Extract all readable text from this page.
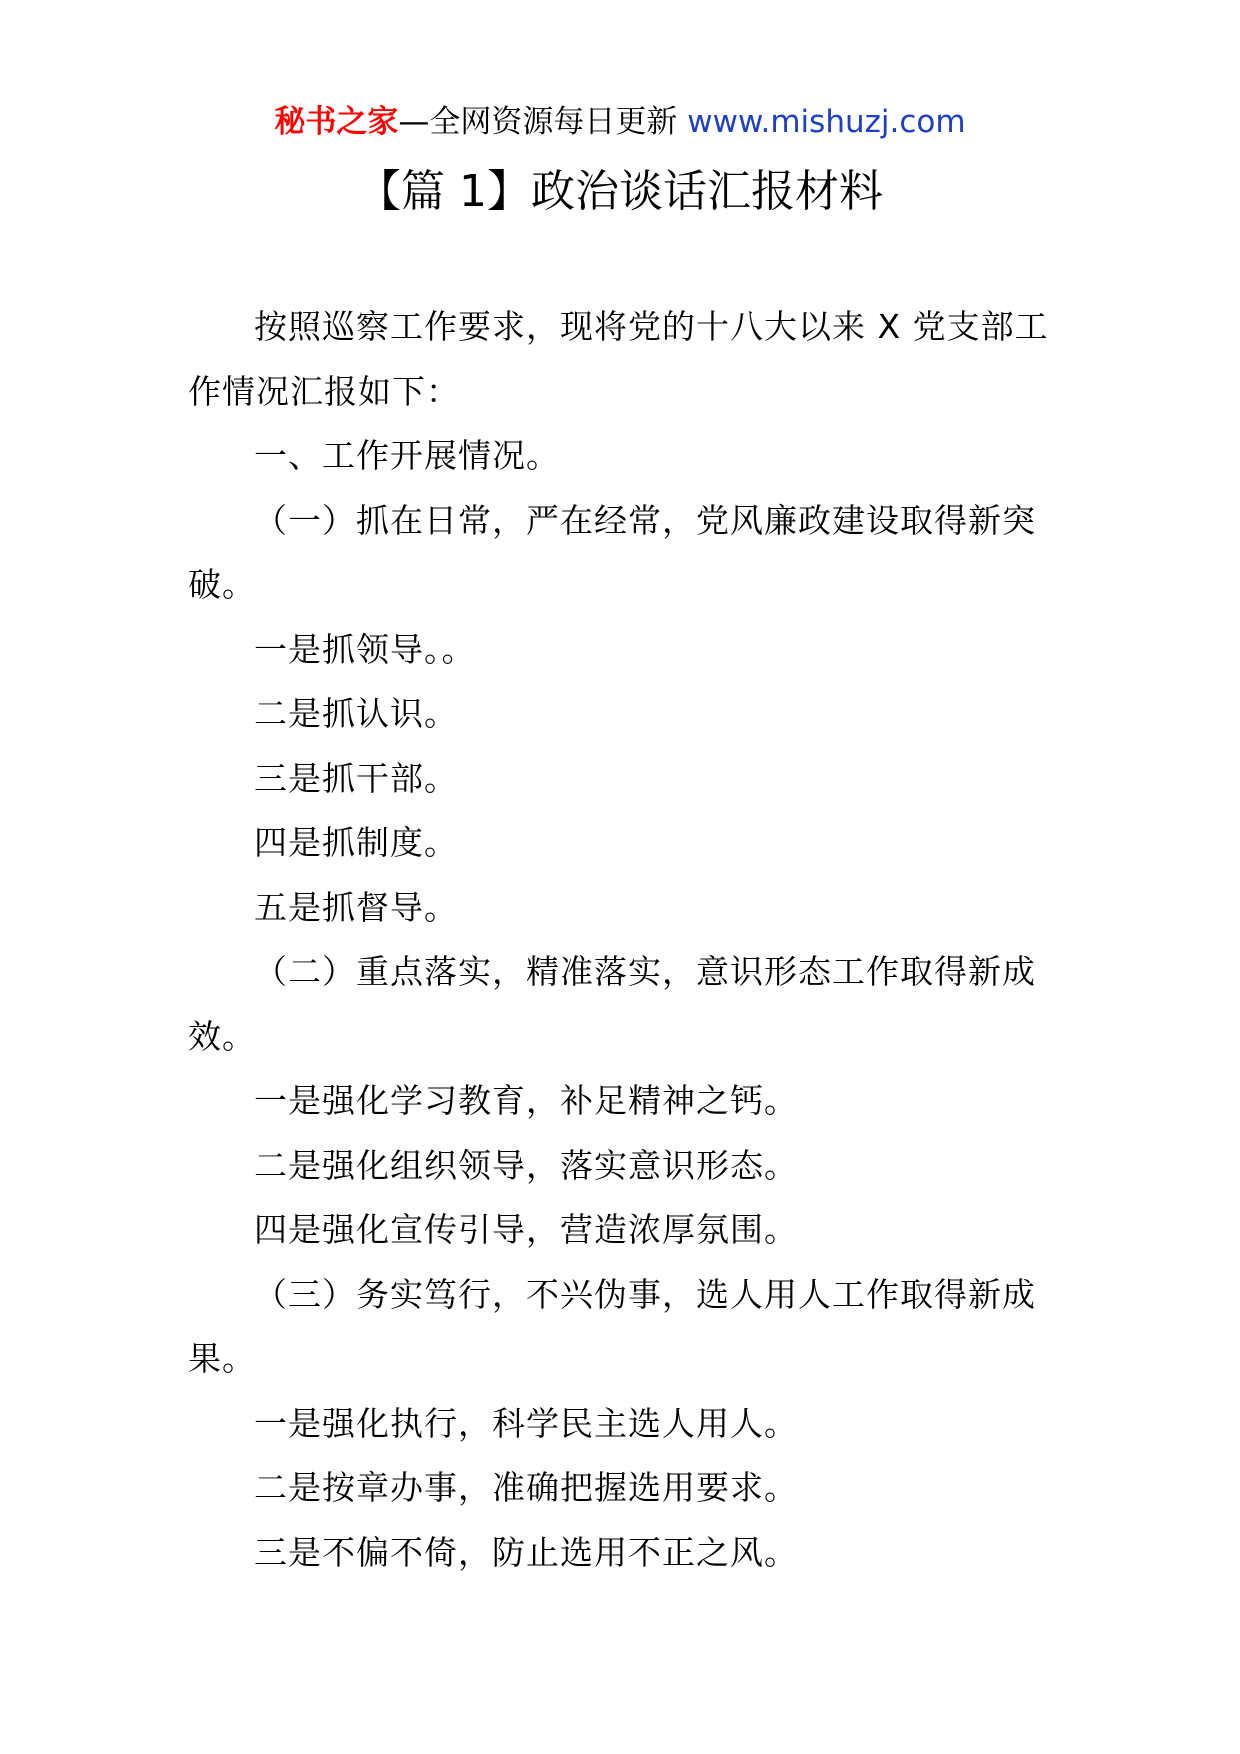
秘书之家—全网资源每日更新 www.mishuzj.com
【篇 1】政治谈话汇报材料

按照巡察工作要求，现将党的十八大以来 X 党支部工作情况汇报如下：

一、工作开展情况。

（一）抓在日常，严在经常，党风廉政建设取得新突破。

一是抓领导。。

二是抓认识。

三是抓干部。

四是抓制度。

五是抓督导。

（二）重点落实，精准落实，意识形态工作取得新成效。

一是强化学习教育，补足精神之钙。

二是强化组织领导，落实意识形态。

四是强化宣传引导，营造浓厚氛围。

（三）务实笃行，不兴伪事，选人用人工作取得新成果。

一是强化执行，科学民主选人用人。

二是按章办事，准确把握选用要求。

三是不偏不倚，防止选用不正之风。
